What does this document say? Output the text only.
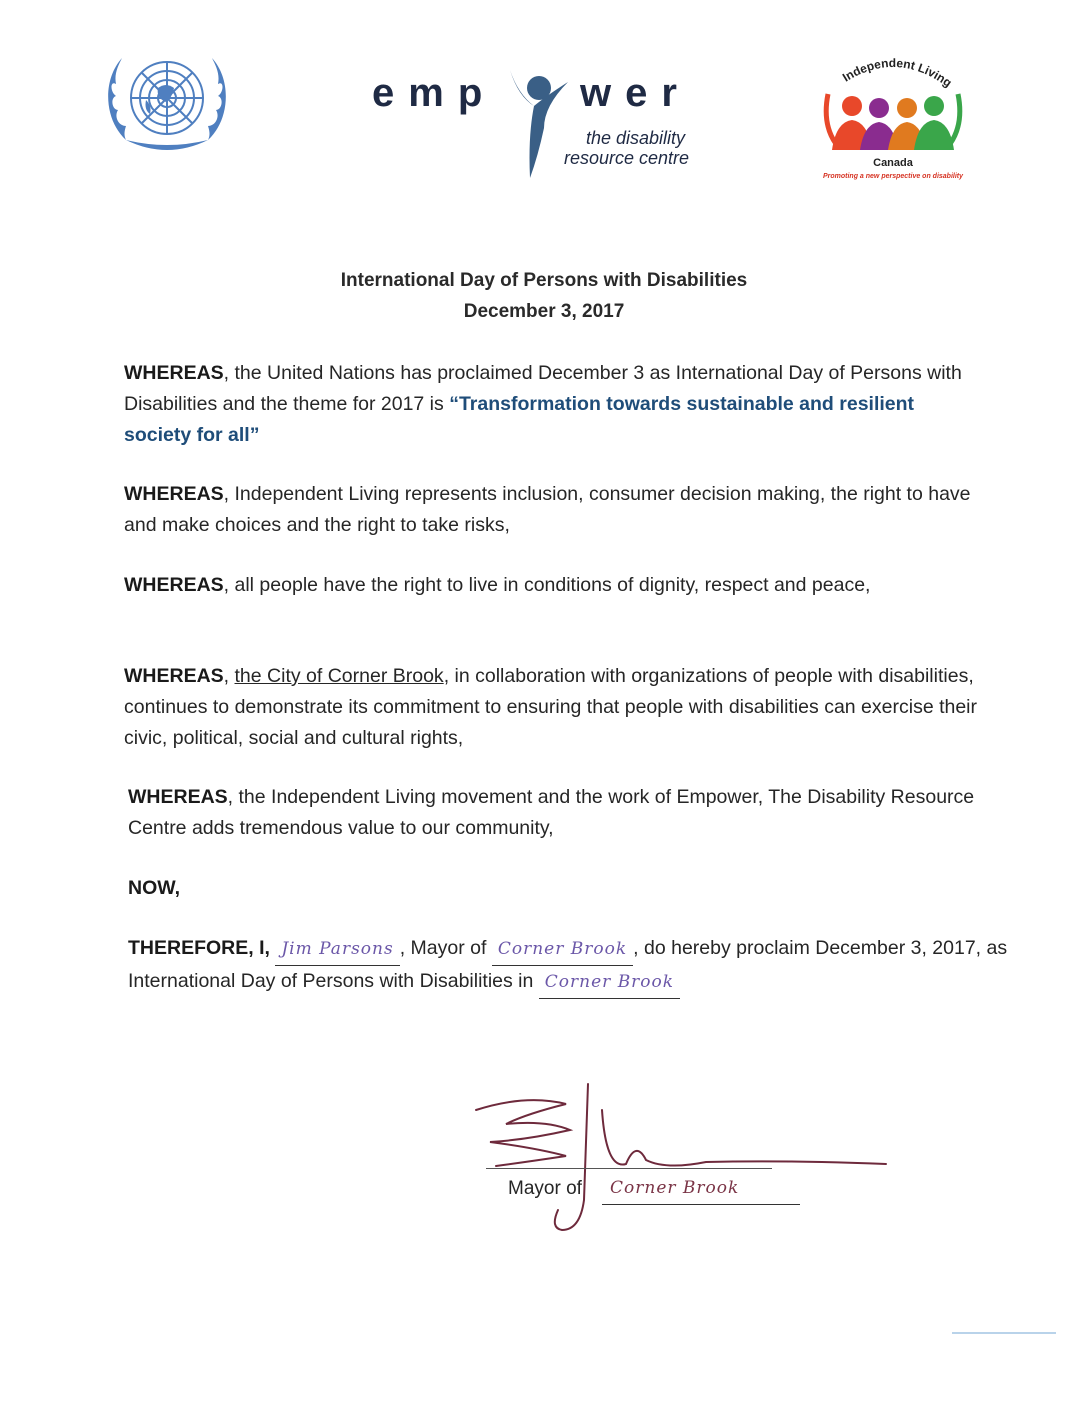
emp wer
the disability
resource centre
Independent Living
Canada
Promoting a new perspective on disability
International Day of Persons with Disabilities
December 3, 2017
WHEREAS, the United Nations has proclaimed December 3 as International Day of Persons with Disabilities and the theme for 2017 is “Transformation towards sustainable and resilient society for all”
WHEREAS, Independent Living represents inclusion, consumer decision making, the right to have and make choices and the right to take risks,
WHEREAS, all people have the right to live in conditions of dignity, respect and peace,
WHEREAS, the City of Corner Brook, in collaboration with organizations of people with disabilities, continues to demonstrate its commitment to ensuring that people with disabilities can exercise their civic, political, social and cultural rights,
WHEREAS, the Independent Living movement and the work of Empower, The Disability Resource Centre adds tremendous value to our community,
NOW,
THEREFORE, I, Jim Parsons , Mayor of Corner Brook , do hereby proclaim December 3, 2017, as International Day of Persons with Disabilities in Corner Brook
Mayor of	Corner Brook
